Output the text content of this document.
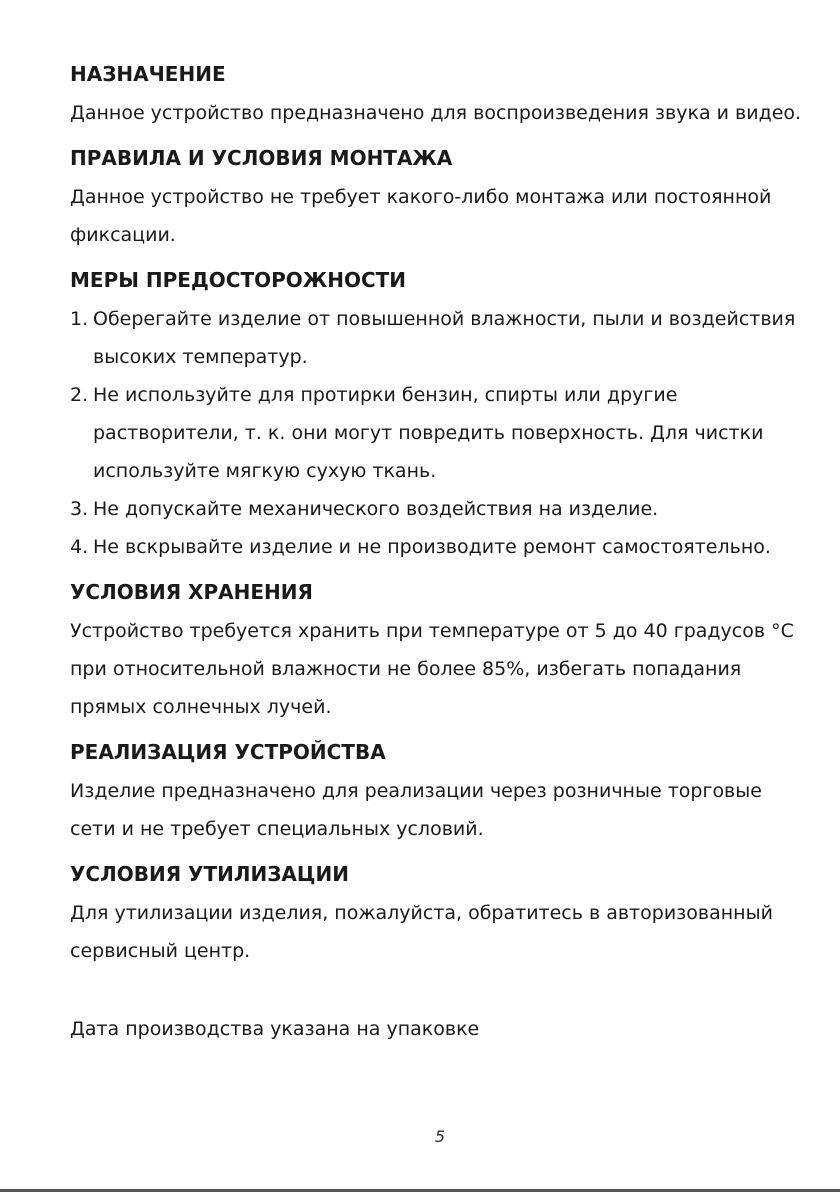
НАЗНАЧЕНИЕ

Данное устройство предназначено для воспроизведения звука и видео.

ПРАВИЛА И УСЛОВИЯ МОНТАЖА

Данное устройство не требует какого-либо монтажа или постоянной фиксации.

МЕРЫ ПРЕДОСТОРОЖНОСТИ
1. Оберегайте изделие от повышенной влажности, пыли и воздействия высоких температур.
2. Не используйте для протирки бензин, спирты или другие растворители, т. к. они могут повредить поверхность. Для чистки используйте мягкую сухую ткань.
3. Не допускайте механического воздействия на изделие.
4. Не вскрывайте изделие и не производите ремонт самостоятельно.
УСЛОВИЯ ХРАНЕНИЯ

Устройство требуется хранить при температуре от 5 до 40 градусов °C при относительной влажности не более 85%, избегать попадания прямых солнечных лучей.

РЕАЛИЗАЦИЯ УСТРОЙСТВА

Изделие предназначено для реализации через розничные торговые сети и не требует специальных условий.

УСЛОВИЯ УТИЛИЗАЦИИ

Для утилизации изделия, пожалуйста, обратитесь в авторизованный сервисный центр.

Дата производства указана на упаковке

5
